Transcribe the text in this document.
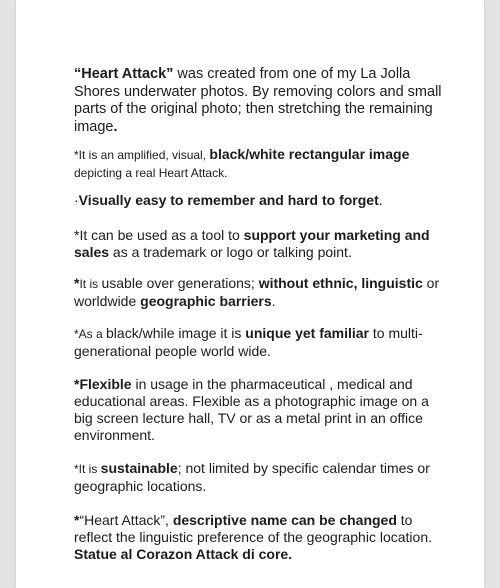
“Heart Attack” was created from one of my La Jolla Shores underwater photos. By removing colors and small parts of the original photo; then stretching the remaining image.

*It is an amplified, visual, black/white rectangular image depicting a real Heart Attack.

·Visually easy to remember and hard to forget.

*It can be used as a tool to support your marketing and sales as a trademark or logo or talking point.

*It is usable over generations; without ethnic, linguistic or worldwide geographic barriers.

*As a black/while image it is unique yet familiar to multi-generational people world wide.

*Flexible in usage in the pharmaceutical , medical and educational areas. Flexible as a photographic image on a big screen lecture hall, TV or as a metal print in an office environment.

*It is sustainable; not limited by specific calendar times or geographic locations.

*“Heart Attack”, descriptive name can be changed to reflect the linguistic preference of the geographic location. Statue al Corazon Attack di core.
